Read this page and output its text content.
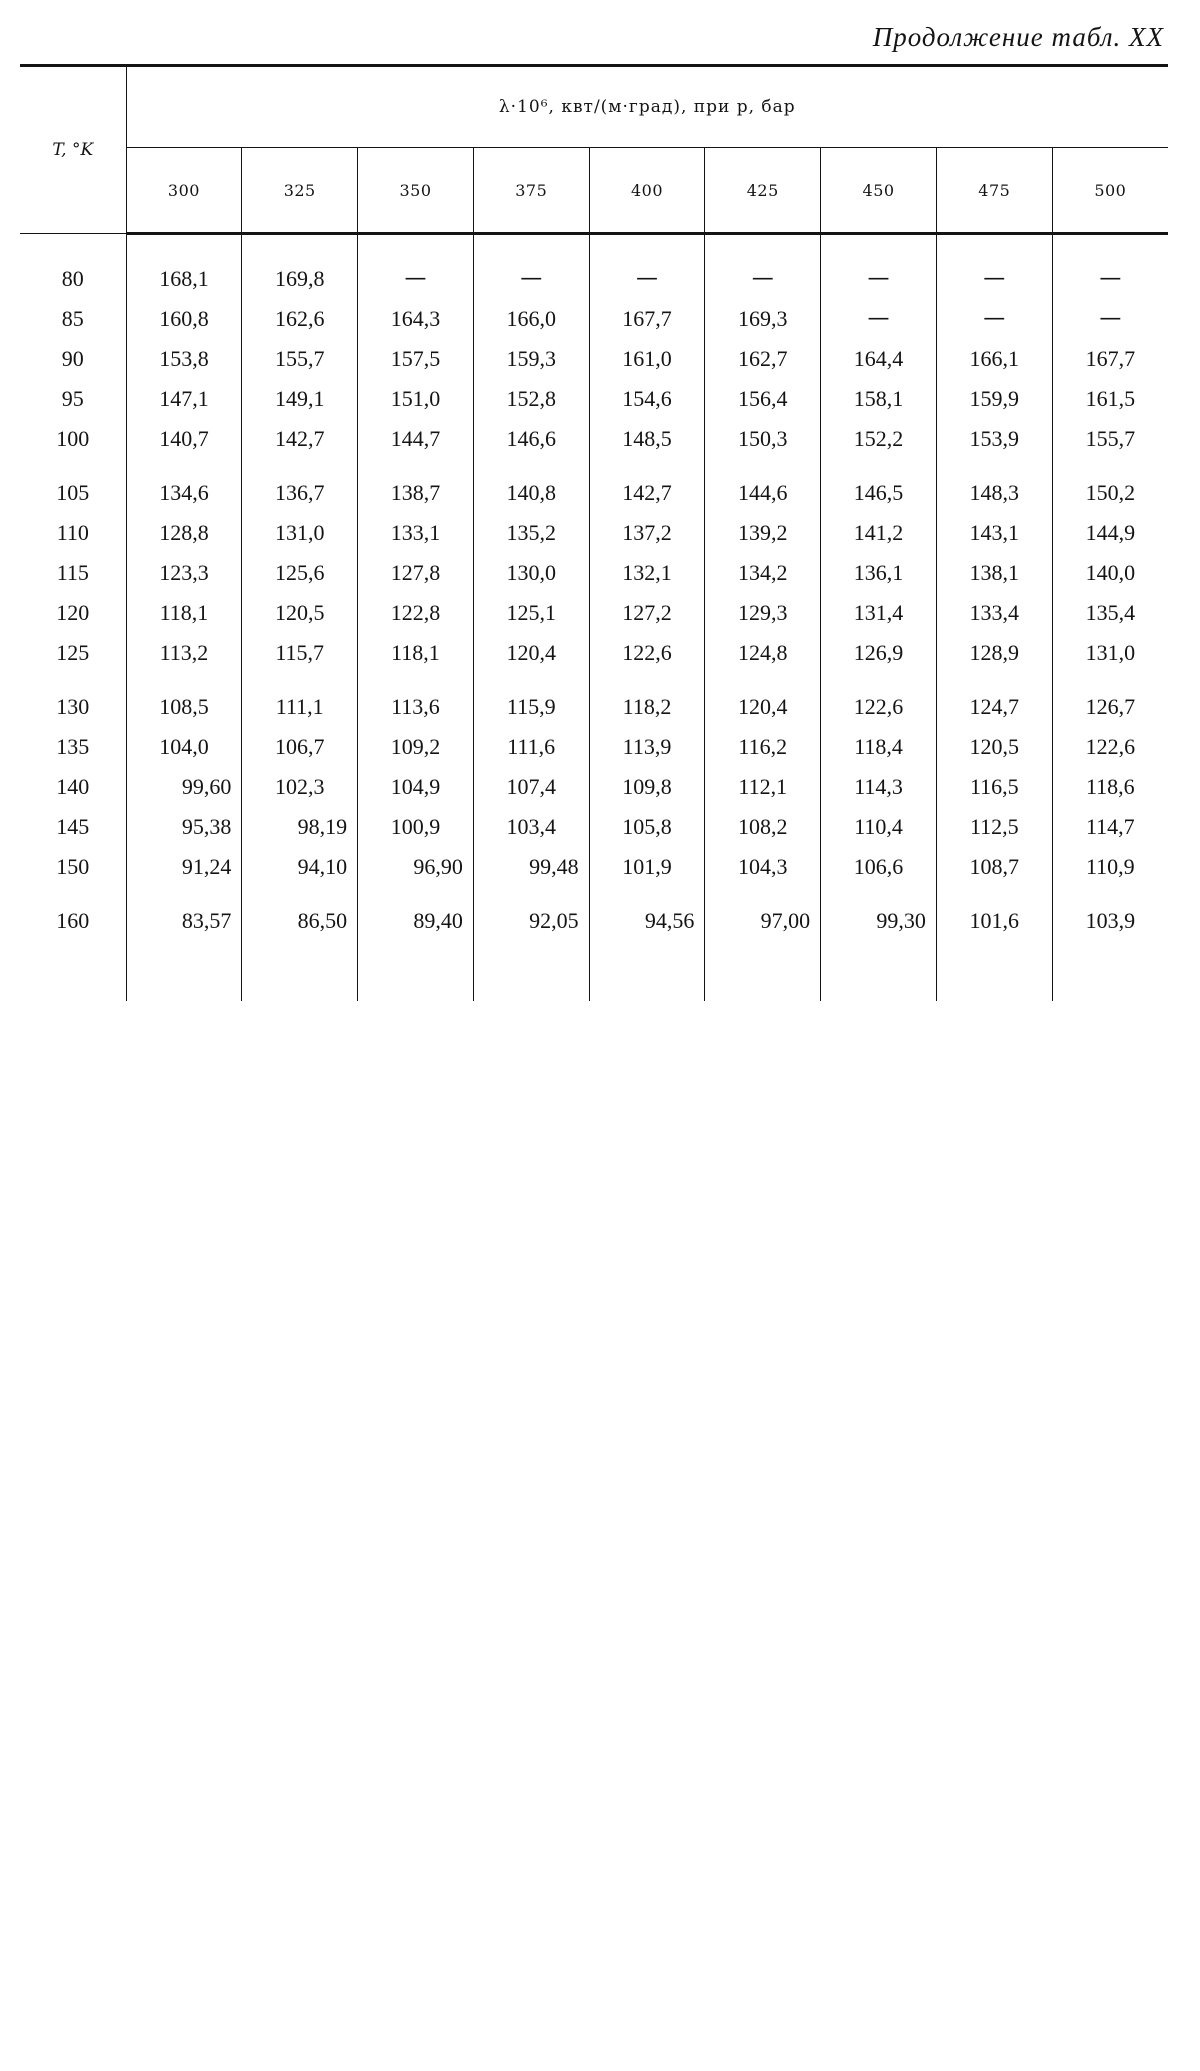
Продолжение табл. XX
T, °K	λ·10⁶, квт/(м·град), при p, бар								
	300	325	350	375	400	425	450	475	500
80	168,1	169,8	—	—	—	—	—	—	—
85	160,8	162,6	164,3	166,0	167,7	169,3	—	—	—
90	153,8	155,7	157,5	159,3	161,0	162,7	164,4	166,1	167,7
95	147,1	149,1	151,0	152,8	154,6	156,4	158,1	159,9	161,5
100	140,7	142,7	144,7	146,6	148,5	150,3	152,2	153,9	155,7
105	134,6	136,7	138,7	140,8	142,7	144,6	146,5	148,3	150,2
110	128,8	131,0	133,1	135,2	137,2	139,2	141,2	143,1	144,9
115	123,3	125,6	127,8	130,0	132,1	134,2	136,1	138,1	140,0
120	118,1	120,5	122,8	125,1	127,2	129,3	131,4	133,4	135,4
125	113,2	115,7	118,1	120,4	122,6	124,8	126,9	128,9	131,0
130	108,5	111,1	113,6	115,9	118,2	120,4	122,6	124,7	126,7
135	104,0	106,7	109,2	111,6	113,9	116,2	118,4	120,5	122,6
140	99,60	102,3	104,9	107,4	109,8	112,1	114,3	116,5	118,6
145	95,38	98,19	100,9	103,4	105,8	108,2	110,4	112,5	114,7
150	91,24	94,10	96,90	99,48	101,9	104,3	106,6	108,7	110,9
160	83,57	86,50	89,40	92,05	94,56	97,00	99,30	101,6	103,9
